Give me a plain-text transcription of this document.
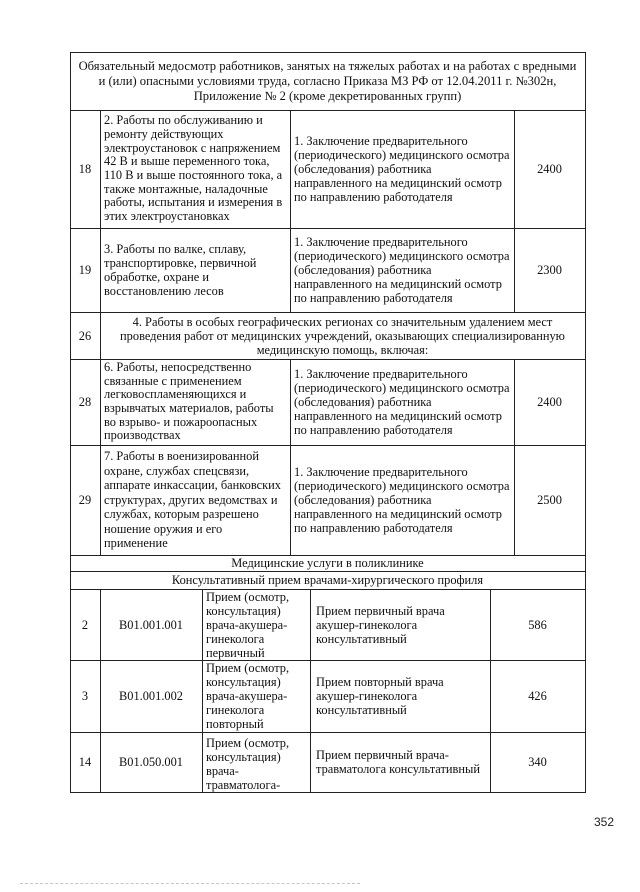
Обязательный медосмотр работников, занятых на тяжелых работах и на работах с вредными и (или) опасными условиями труда, согласно Приказа МЗ РФ от 12.04.2011 г. №302н, Приложение № 2 (кроме декретированных групп)
18
2. Работы по обслуживанию и ремонту действующих электроустановок с напряжением 42 В и выше переменного тока, 110 В и выше постоянного тока, а также монтажные, наладочные работы, испытания и измерения в этих электроустановках
1. Заключение предварительного (периодического) медицинского осмотра (обследования) работника направленного на медицинский осмотр по направлению работодателя
2400
19
3. Работы по валке, сплаву, транспортировке, первичной обработке, охране и восстановлению лесов
1. Заключение предварительного (периодического) медицинского осмотра (обследования) работника направленного на медицинский осмотр по направлению работодателя
2300
26
4. Работы в особых географических регионах со значительным удалением мест проведения работ от медицинских учреждений, оказывающих специализированную медицинскую помощь, включая:
28
6. Работы, непосредственно связанные с применением легковоспламеняющихся и взрывчатых материалов, работы во взрыво- и пожароопасных производствах
1. Заключение предварительного (периодического) медицинского осмотра (обследования) работника направленного на медицинский осмотр по направлению работодателя
2400
29
7. Работы в военизированной охране, службах спецсвязи, аппарате инкассации, банковских структурах, других ведомствах и службах, которым разрешено ношение оружия и его применение
1. Заключение предварительного (периодического) медицинского осмотра (обследования) работника направленного на медицинский осмотр по направлению работодателя
2500
Медицинские услуги в поликлинике
Консультативный прием врачами-хирургического профиля
2 B01.001.001
Прием (осмотр, консультация) врача-акушера-гинеколога первичный
Прием первичный врача акушер-гинеколога консультативный
586
3 B01.001.002
Прием (осмотр, консультация) врача-акушера-гинеколога повторный
Прием повторный врача акушер-гинеколога консультативный
426
14 B01.050.001
Прием (осмотр, консультация) врача-травматолога-
Прием первичный врача-травматолога консультативный	340
352
